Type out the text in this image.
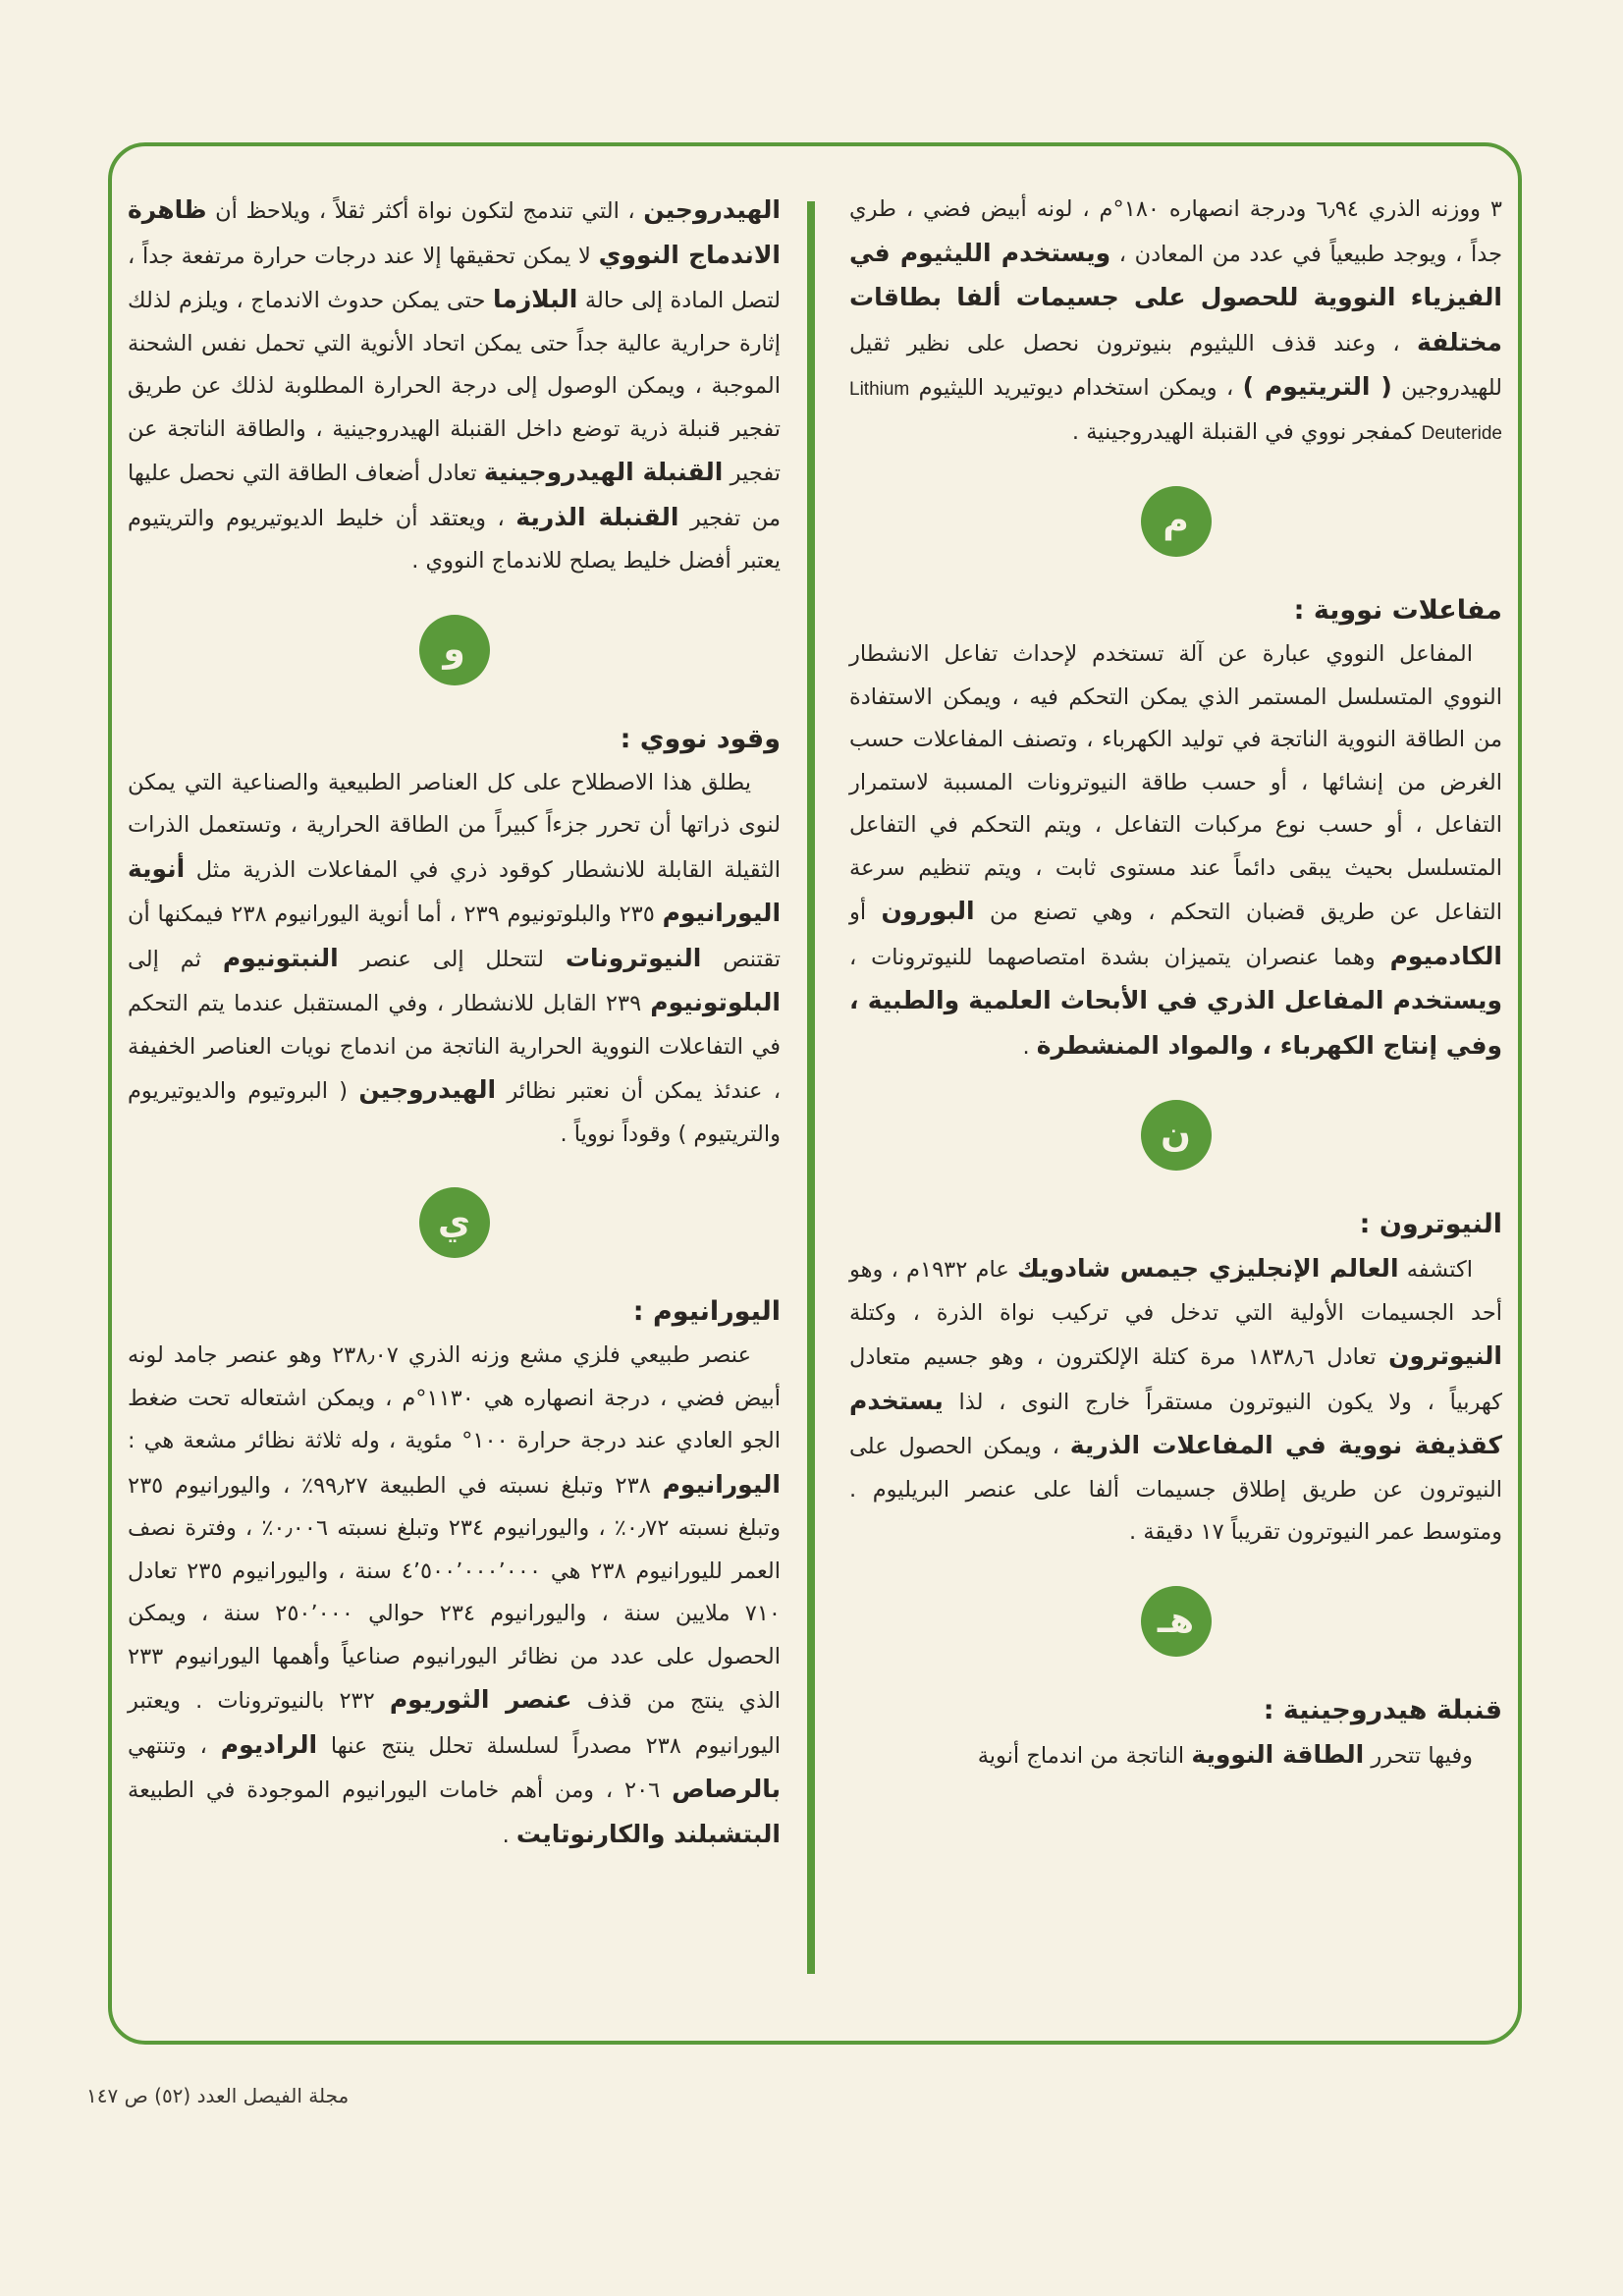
٣ ووزنه الذري ٦٫٩٤ ودرجة انصهاره ١٨٠°م ، لونه أبيض فضي ، طري جداً ، ويوجد طبيعياً في عدد من المعادن ، ويستخدم الليثيوم في الفيزياء النووية للحصول على جسيمات ألفا بطاقات مختلفة ، وعند قذف الليثيوم بنيوترون نحصل على نظير ثقيل للهيدروجين ( التريتيوم ) ، ويمكن استخدام ديوتيريد الليثيوم Lithium Deuteride كمفجر نووي في القنبلة الهيدروجينية .

م
مفاعلات نووية :

المفاعل النووي عبارة عن آلة تستخدم لإحداث تفاعل الانشطار النووي المتسلسل المستمر الذي يمكن التحكم فيه ، ويمكن الاستفادة من الطاقة النووية الناتجة في توليد الكهرباء ، وتصنف المفاعلات حسب الغرض من إنشائها ، أو حسب طاقة النيوترونات المسببة لاستمرار التفاعل ، أو حسب نوع مركبات التفاعل ، ويتم التحكم في التفاعل المتسلسل بحيث يبقى دائماً عند مستوى ثابت ، ويتم تنظيم سرعة التفاعل عن طريق قضبان التحكم ، وهي تصنع من البورون أو الكادميوم وهما عنصران يتميزان بشدة امتصاصهما للنيوترونات ، ويستخدم المفاعل الذري في الأبحاث العلمية والطبية ، وفي إنتاج الكهرباء ، والمواد المنشطرة .

ن
النيوترون :

اكتشفه العالم الإنجليزي جيمس شادويك عام ١٩٣٢م ، وهو أحد الجسيمات الأولية التي تدخل في تركيب نواة الذرة ، وكتلة النيوترون تعادل ١٨٣٨٫٦ مرة كتلة الإلكترون ، وهو جسيم متعادل كهربياً ، ولا يكون النيوترون مستقراً خارج النوى ، لذا يستخدم كقذيفة نووية في المفاعلات الذرية ، ويمكن الحصول على النيوترون عن طريق إطلاق جسيمات ألفا على عنصر البريليوم . ومتوسط عمر النيوترون تقريباً ١٧ دقيقة .

هـ
قنبلة هيدروجينية :

وفيها تتحرر الطاقة النووية الناتجة من اندماج أنوية

الهيدروجين ، التي تندمج لتكون نواة أكثر ثقلاً ، ويلاحظ أن ظاهرة الاندماج النووي لا يمكن تحقيقها إلا عند درجات حرارة مرتفعة جداً ، لتصل المادة إلى حالة البلازما حتى يمكن حدوث الاندماج ، ويلزم لذلك إثارة حرارية عالية جداً حتى يمكن اتحاد الأنوية التي تحمل نفس الشحنة الموجبة ، ويمكن الوصول إلى درجة الحرارة المطلوبة لذلك عن طريق تفجير قنبلة ذرية توضع داخل القنبلة الهيدروجينية ، والطاقة الناتجة عن تفجير القنبلة الهيدروجينية تعادل أضعاف الطاقة التي نحصل عليها من تفجير القنبلة الذرية ، ويعتقد أن خليط الديوتيريوم والتريتيوم يعتبر أفضل خليط يصلح للاندماج النووي .

و
وقود نووي :

يطلق هذا الاصطلاح على كل العناصر الطبيعية والصناعية التي يمكن لنوى ذراتها أن تحرر جزءاً كبيراً من الطاقة الحرارية ، وتستعمل الذرات الثقيلة القابلة للانشطار كوقود ذري في المفاعلات الذرية مثل أنوية اليورانيوم ٢٣٥ والبلوتونيوم ٢٣٩ ، أما أنوية اليورانيوم ٢٣٨ فيمكنها أن تقتنص النيوترونات لتتحلل إلى عنصر النبتونيوم ثم إلى البلوتونيوم ٢٣٩ القابل للانشطار ، وفي المستقبل عندما يتم التحكم في التفاعلات النووية الحرارية الناتجة من اندماج نويات العناصر الخفيفة ، عندئذ يمكن أن نعتبر نظائر الهيدروجين ( البروتيوم والديوتيريوم والتريتيوم ) وقوداً نووياً .

ي
اليورانيوم :

عنصر طبيعي فلزي مشع وزنه الذري ٢٣٨٫٠٧ وهو عنصر جامد لونه أبيض فضي ، درجة انصهاره هي ١١٣٠°م ، ويمكن اشتعاله تحت ضغط الجو العادي عند درجة حرارة ١٠٠° مئوية ، وله ثلاثة نظائر مشعة هي : اليورانيوم ٢٣٨ وتبلغ نسبته في الطبيعة ٩٩٫٢٧٪ ، واليورانيوم ٢٣٥ وتبلغ نسبته ٠٫٧٢٪ ، واليورانيوم ٢٣٤ وتبلغ نسبته ٠٫٠٠٦٪ ، وفترة نصف العمر لليورانيوم ٢٣٨ هي ٤٬٥٠٠٬٠٠٠٬٠٠٠ سنة ، واليورانيوم ٢٣٥ تعادل ٧١٠ ملايين سنة ، واليورانيوم ٢٣٤ حوالي ٢٥٠٬٠٠٠ سنة ، ويمكن الحصول على عدد من نظائر اليورانيوم صناعياً وأهمها اليورانيوم ٢٣٣ الذي ينتج من قذف عنصر الثوريوم ٢٣٢ بالنيوترونات . ويعتبر اليورانيوم ٢٣٨ مصدراً لسلسلة تحلل ينتج عنها الراديوم ، وتنتهي بالرصاص ٢٠٦ ، ومن أهم خامات اليورانيوم الموجودة في الطبيعة البتشبلند والكارنوتايت .

مجلة الفيصل العدد (٥٢) ص ١٤٧
